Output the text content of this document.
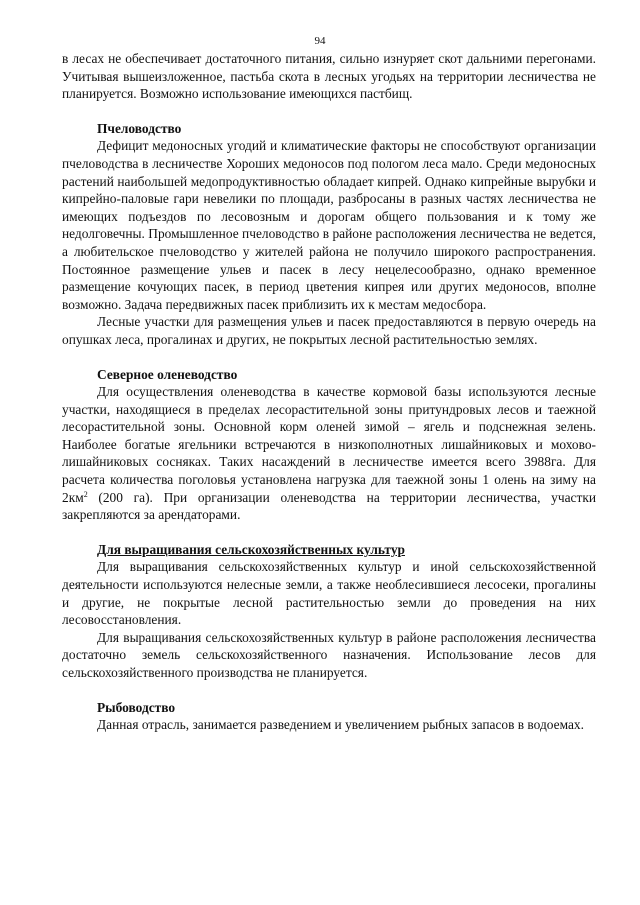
94

в лесах не обеспечивает достаточного питания, сильно изнуряет скот дальними перегонами. Учитывая вышеизложенное, пастьба скота в лесных угодьях на территории лесничества не планируется. Возможно использование имеющихся пастбищ.

Пчеловодство

Дефицит медоносных угодий и климатические факторы не способствуют организации пчеловодства в лесничестве Хороших медоносов под пологом леса мало. Среди медоносных растений наибольшей медопродуктивностью обладает кипрей. Однако кипрейные вырубки и кипрейно-паловые гари невелики по площади, разбросаны в разных частях лесничества не имеющих подъездов по лесовозным и дорогам общего пользования и к тому же недолговечны. Промышленное пчеловодство в районе расположения лесничества не ведется, а любительское пчеловодство у жителей района не получило широкого распространения. Постоянное размещение ульев и пасек в лесу нецелесообразно, однако временное размещение кочующих пасек, в период цветения кипрея или других медоносов, вполне возможно. Задача передвижных пасек приблизить их к местам медосбора.

Лесные участки для размещения ульев и пасек предоставляются в первую очередь на опушках леса, прогалинах и других, не покрытых лесной растительностью землях.

Северное оленеводство

Для осуществления оленеводства в качестве кормовой базы используются лесные участки, находящиеся в пределах лесорастительной зоны притундровых лесов и таежной лесорастительной зоны. Основной корм оленей зимой – ягель и подснежная зелень. Наиболее богатые ягельники встречаются в низкополнотных лишайниковых и мохово-лишайниковых сосняках. Таких насаждений в лесничестве имеется всего 3988га. Для расчета количества поголовья установлена нагрузка для таежной зоны 1 олень на зиму на $2км^2$ (200 га). При организации оленеводства на территории лесничества, участки закрепляются за арендаторами.

Для выращивания сельскохозяйственных культур

Для выращивания сельскохозяйственных культур и иной сельскохозяйственной деятельности используются нелесные земли, а также необлесившиеся лесосеки, прогалины и другие, не покрытые лесной растительностью земли до проведения на них лесовосстановления.

Для выращивания сельскохозяйственных культур в районе расположения лесничества достаточно земель сельскохозяйственного назначения. Использование лесов для сельскохозяйственного производства не планируется.

Рыбоводство

Данная отрасль, занимается разведением и увеличением рыбных запасов в водоемах.
